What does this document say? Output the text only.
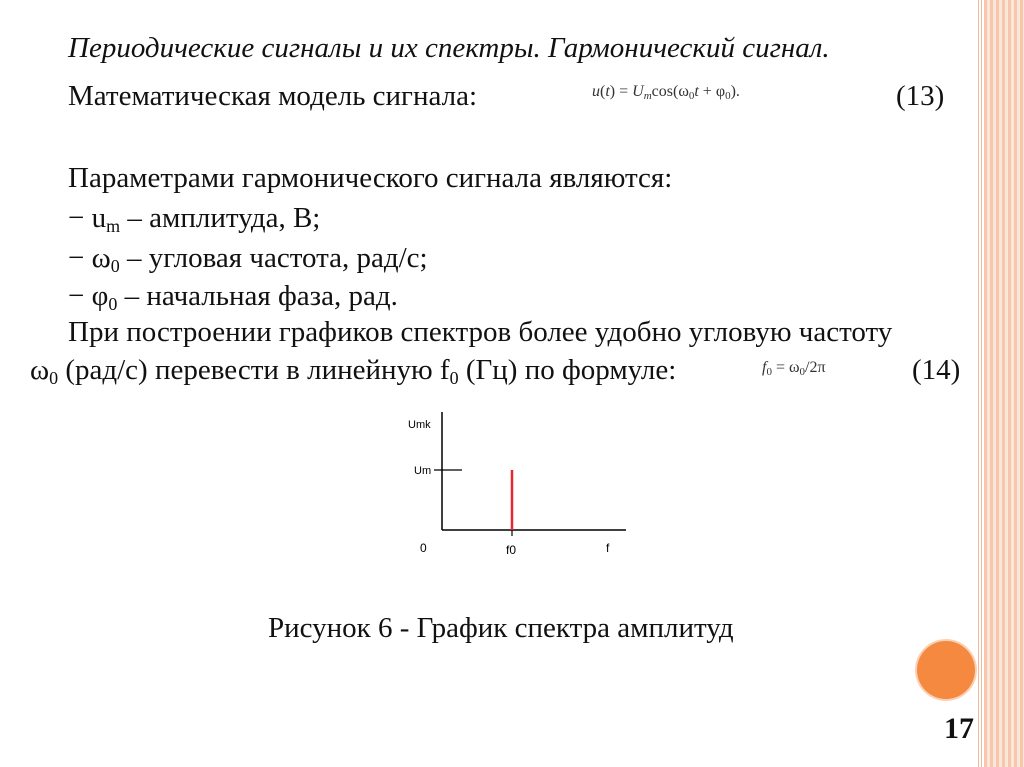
Периодические сигналы и их спектры. Гармонический сигнал.
Математическая модель сигнала:	$u(t) = U_m\cos(\omega_0t + \varphi_0)$.	(13)
Параметрами гармонического сигнала являются:
− $u_m$ – амплитуда, В;
− $\omega_0$ – угловая частота, рад/с;
− $\varphi_0$ – начальная фаза, рад.
При построении графиков спектров более удобно угловую частоту
$\omega_0$ (рад/с) перевести в линейную $f_0$ (Гц) по формуле:	$f_0 = \omega_0/2\pi$	(14)
Umk
Um
0	f0	f
Рисунок 6 - График спектра амплитуд
17
